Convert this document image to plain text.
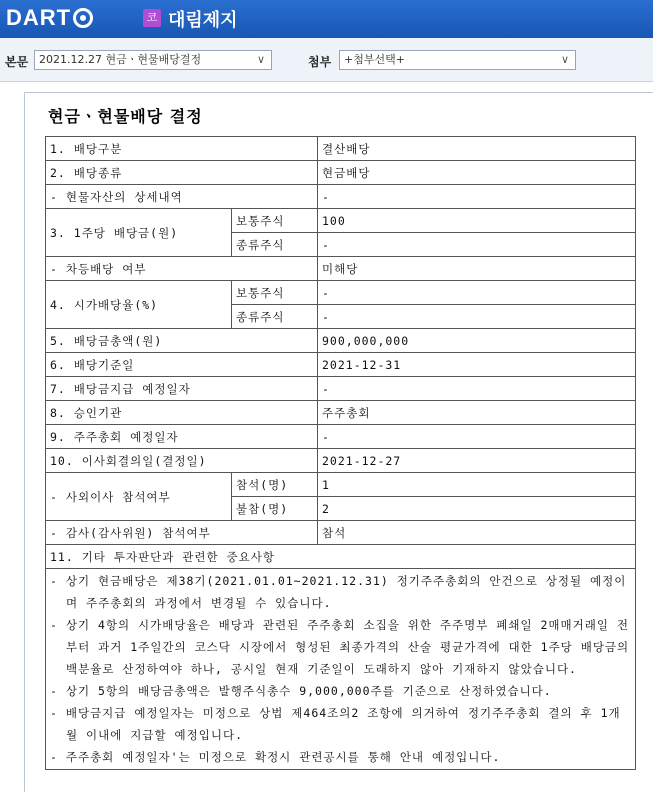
DART	코 대림제지
본문 2021.12.27 현금ㆍ현물배당결정	∨	첨부	+첨부선택+	∨
현금ㆍ현물배당 결정
1. 배당구분		결산배당
2. 배당종류		현금배당
- 현물자산의 상세내역		-
3. 1주당 배당금(원)	보통주식	100
	종류주식	-
- 차등배당 여부		미해당
4. 시가배당율(%)	보통주식	-
	종류주식	-
5. 배당금총액(원)		900,000,000
6. 배당기준일		2021-12-31
7. 배당금지급 예정일자		-
8. 승인기관		주주총회
9. 주주총회 예정일자		-
10. 이사회결의일(결정일)		2021-12-27
- 사외이사 참석여부	참석(명)	1
	불참(명)	2
- 감사(감사위원) 참석여부		참석
11. 기타 투자판단과 관련한 중요사항		

- 상기 현금배당은 제38기(2021.01.01~2021.12.31) 정기주주총회의 안건으로 상정될 예정이며 주주총회의 과정에서 변경될 수 있습니다.
- 상기 4항의 시가배당율은 배당과 관련된 주주총회 소집을 위한 주주명부 폐쇄일 2매매거래일 전부터 과거 1주일간의 코스닥 시장에서 형성된 최종가격의 산술 평균가격에 대한 1주당 배당금의 백분율로 산정하여야 하나, 공시일 현재 기준일이 도래하지 않아 기재하지 않았습니다.
- 상기 5항의 배당금총액은 발행주식총수 9,000,000주를 기준으로 산정하였습니다.
- 배당금지급 예정일자는 미정으로 상법 제464조의2 조항에 의거하여 정기주주총회 결의 후 1개월 이내에 지급할 예정입니다.
- 주주총회 예정일자'는 미정으로 확정시 관련공시를 통해 안내 예정입니다.		
